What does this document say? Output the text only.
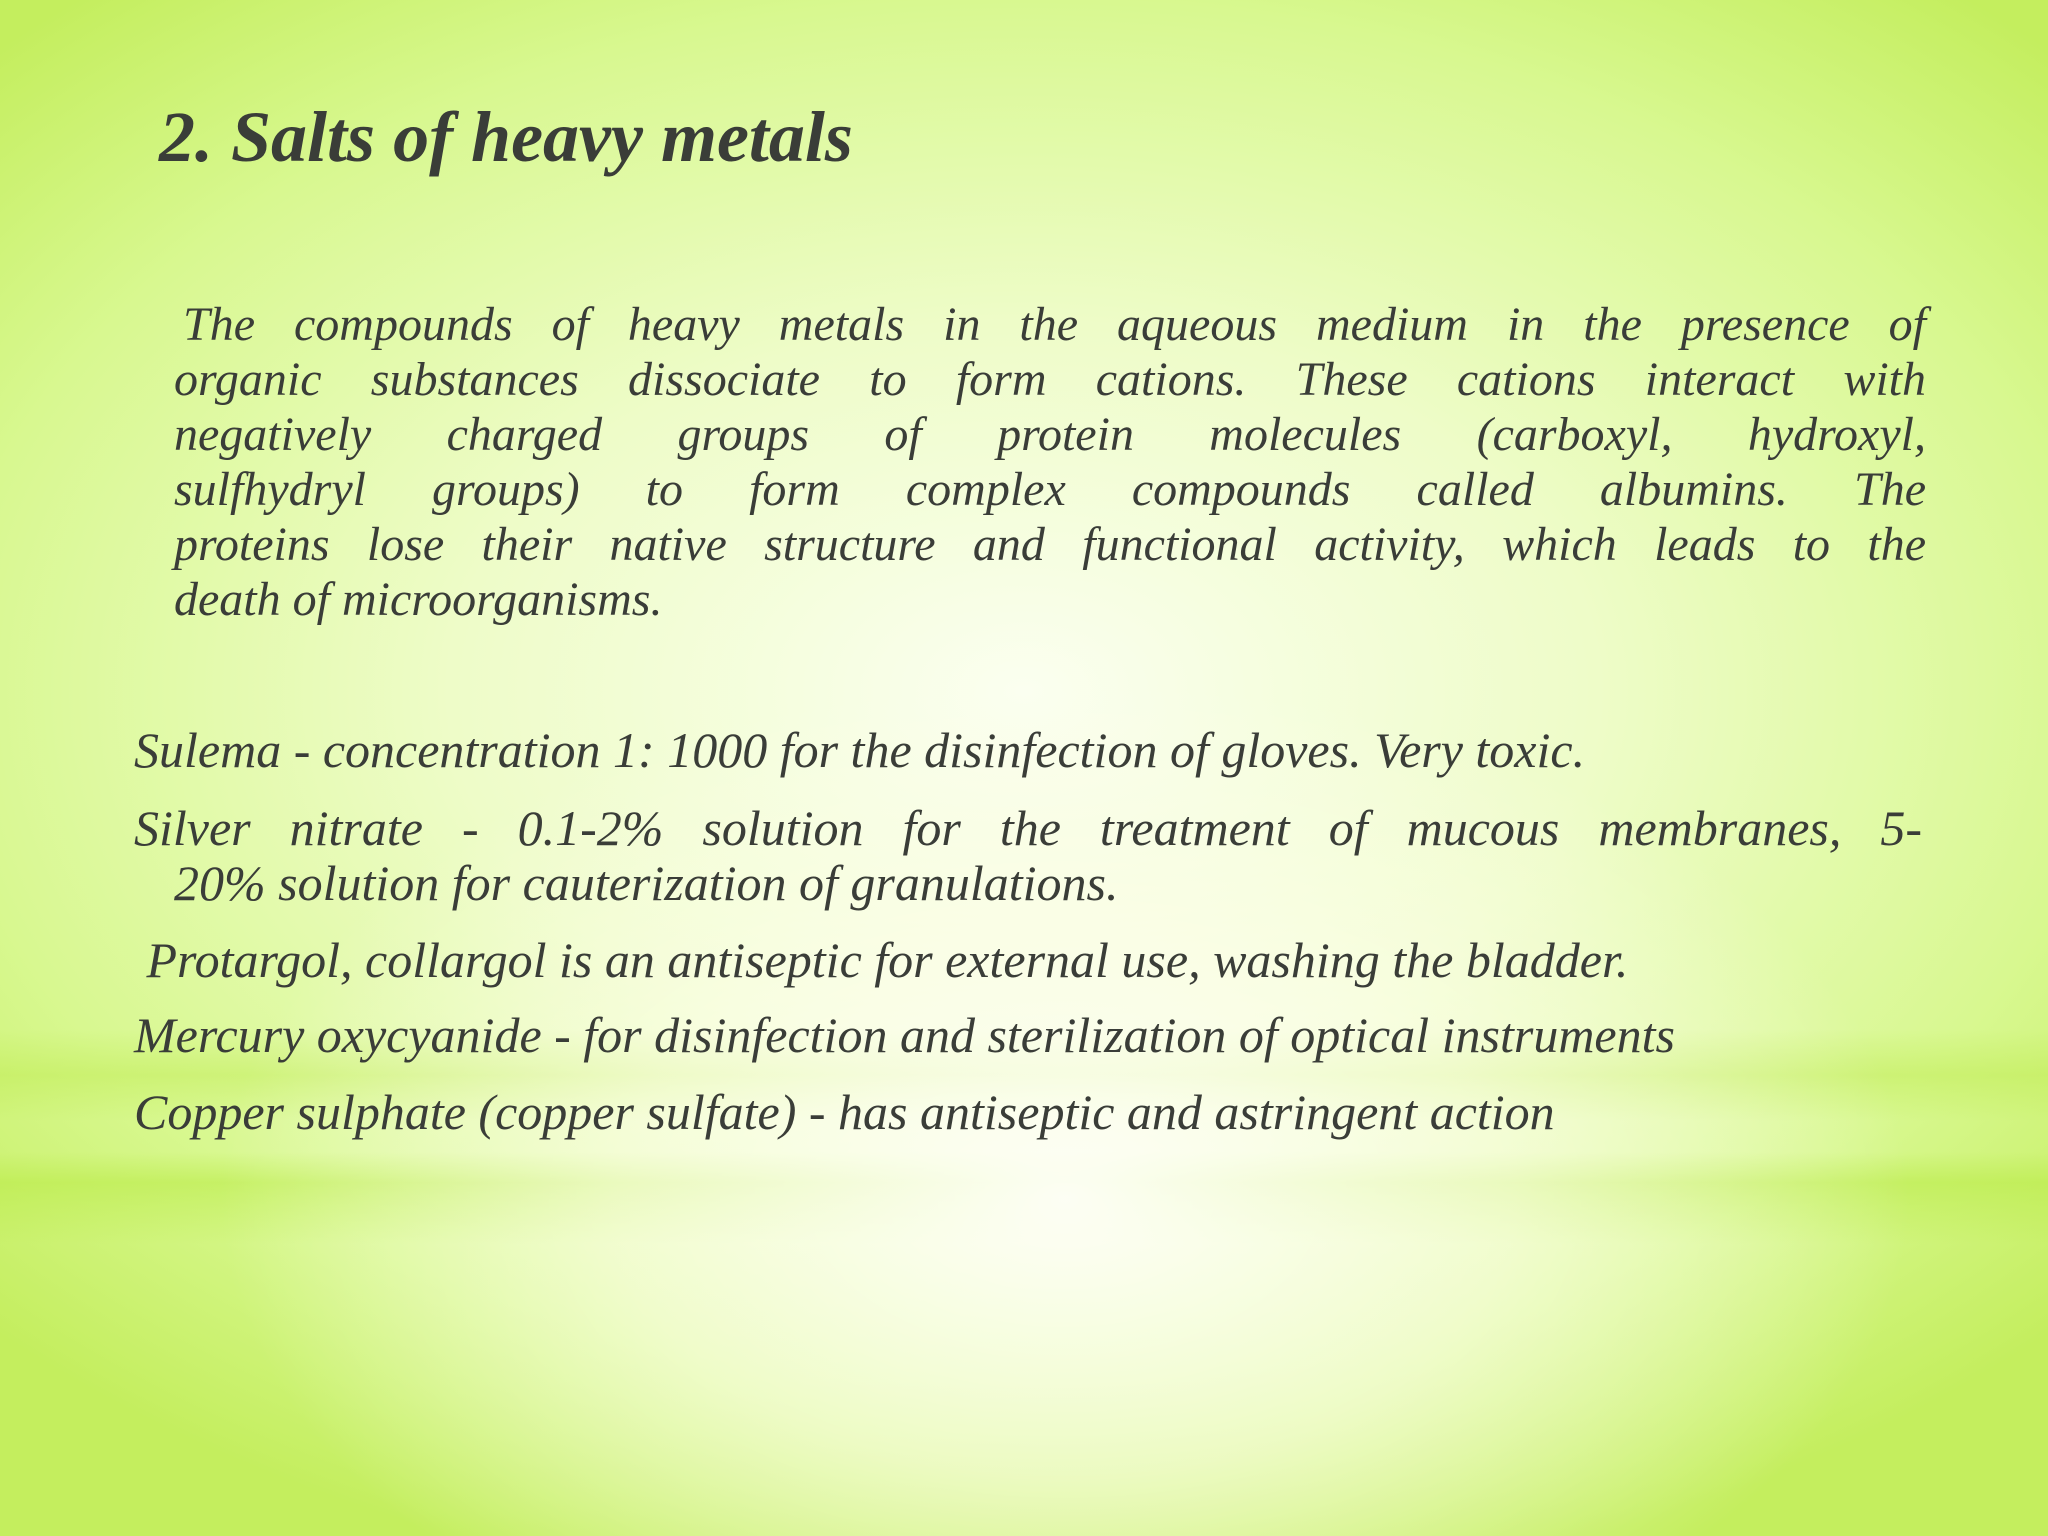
2. Salts of heavy metals
The compounds of heavy metals in the aqueous medium in the presence of
organic substances dissociate to form cations. These cations interact with
negatively charged groups of protein molecules (carboxyl, hydroxyl,
sulfhydryl groups) to form complex compounds called albumins. The
proteins lose their native structure and functional activity, which leads to the
death of microorganisms.
Sulema - concentration 1: 1000 for the disinfection of gloves. Very toxic.
Silver nitrate - 0.1-2% solution for the treatment of mucous membranes, 5-
20% solution for cauterization of granulations.
Protargol, collargol is an antiseptic for external use, washing the bladder.
Mercury oxycyanide - for disinfection and sterilization of optical instruments
Copper sulphate (copper sulfate) - has antiseptic and astringent action
